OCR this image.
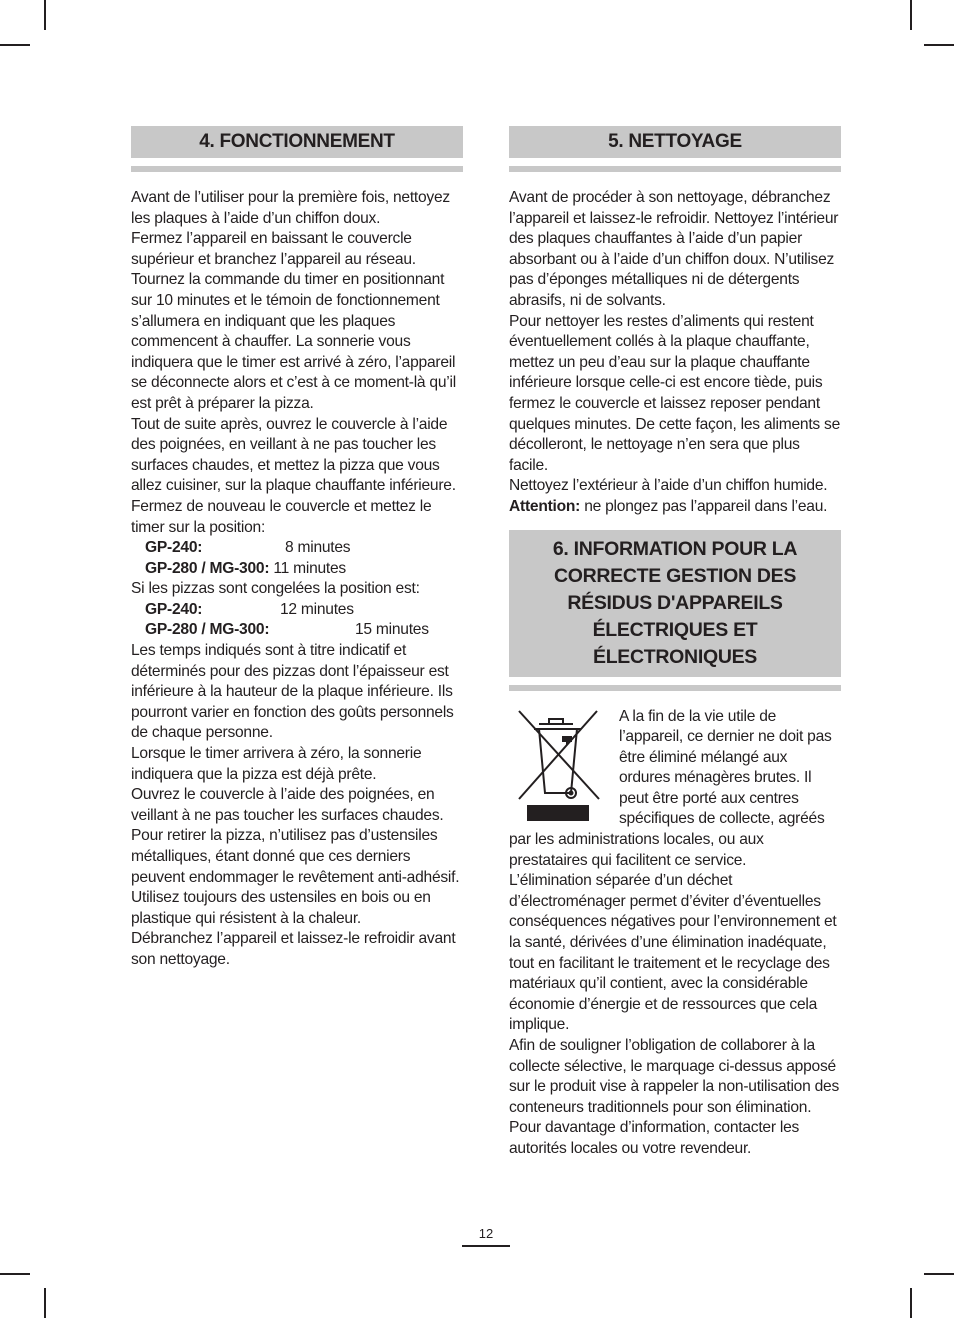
4. FONCTIONNEMENT

Avant de l’utiliser pour la première fois, nettoyez les plaques à l’aide d’un chiffon doux.

Fermez l’appareil en baissant le couvercle supérieur et branchez l’appareil au réseau. Tournez la commande du timer en positionnant sur 10 minutes et le témoin de fonctionnement s’allumera en indiquant que les plaques commencent à chauffer. La sonnerie vous indiquera que le timer est arrivé à zéro, l’appareil se déconnecte alors et c’est à ce moment-là qu’il est prêt à préparer la pizza.

Tout de suite après, ouvrez le couvercle à l’aide des poignées, en veillant à ne pas toucher les surfaces chaudes, et mettez la pizza que vous allez cuisiner, sur la plaque chauffante inférieure.

Fermez de nouveau le couvercle et mettez le timer sur la position:

GP-240:	8 minutes

GP-280 / MG-300: 11 minutes

Si les pizzas sont congelées la position est:

GP-240:	12 minutes

GP-280 / MG-300:	15 minutes

Les temps indiqués sont à titre indicatif et déterminés pour des pizzas dont l’épaisseur est inférieure à la hauteur de la plaque inférieure. Ils pourront varier en fonction des goûts personnels de chaque personne.

Lorsque le timer arrivera à zéro, la sonnerie indiquera que la pizza est déjà prête.

Ouvrez le couvercle à l’aide des poignées, en veillant à ne pas toucher les surfaces chaudes. Pour retirer la pizza, n’utilisez pas d’ustensiles métalliques, étant donné que ces derniers peuvent endommager le revêtement anti-adhésif. Utilisez toujours des ustensiles en bois ou en plastique qui résistent à la chaleur.

Débranchez l’appareil et laissez-le refroidir avant son nettoyage.

5. NETTOYAGE

Avant de procéder à son nettoyage, débranchez l’appareil et laissez-le refroidir. Nettoyez l’intérieur des plaques chauffantes à l’aide d’un papier absorbant ou à l’aide d’un chiffon doux. N’utilisez pas d’éponges métalliques ni de détergents abrasifs, ni de solvants.

Pour nettoyer les restes d’aliments qui restent éventuellement collés à la plaque chauffante, mettez un peu d’eau sur la plaque chauffante inférieure lorsque celle-ci est encore tiède, puis fermez le couvercle et laissez reposer pendant quelques minutes. De cette façon, les aliments se décolleront, le nettoyage n’en sera que plus facile.

Nettoyez l’extérieur à l’aide d’un chiffon humide.

Attention: ne plongez pas l’appareil dans l’eau.

6. INFORMATION POUR LA CORRECTE GESTION DES RÉSIDUS D'APPAREILS ÉLECTRIQUES ET ÉLECTRONIQUES

A la fin de la vie utile de l’appareil, ce dernier ne doit pas être éliminé mélangé aux ordures ménagères brutes. Il peut être porté aux centres spécifiques de collecte, agréés par les administrations locales, ou aux prestataires qui facilitent ce service.

L’élimination séparée d’un déchet d’électroménager permet d’éviter d’éventuelles conséquences négatives pour l’environnement et la santé, dérivées d’une élimination inadéquate, tout en facilitant le traitement et le recyclage des matériaux qu’il contient, avec la considérable économie d’énergie et de ressources que cela implique.

Afin de souligner l’obligation de collaborer à la collecte sélective, le marquage ci-dessus apposé sur le produit vise à rappeler la non-utilisation des conteneurs traditionnels pour son élimination.

Pour davantage d’information, contacter les autorités locales ou votre revendeur.

12
